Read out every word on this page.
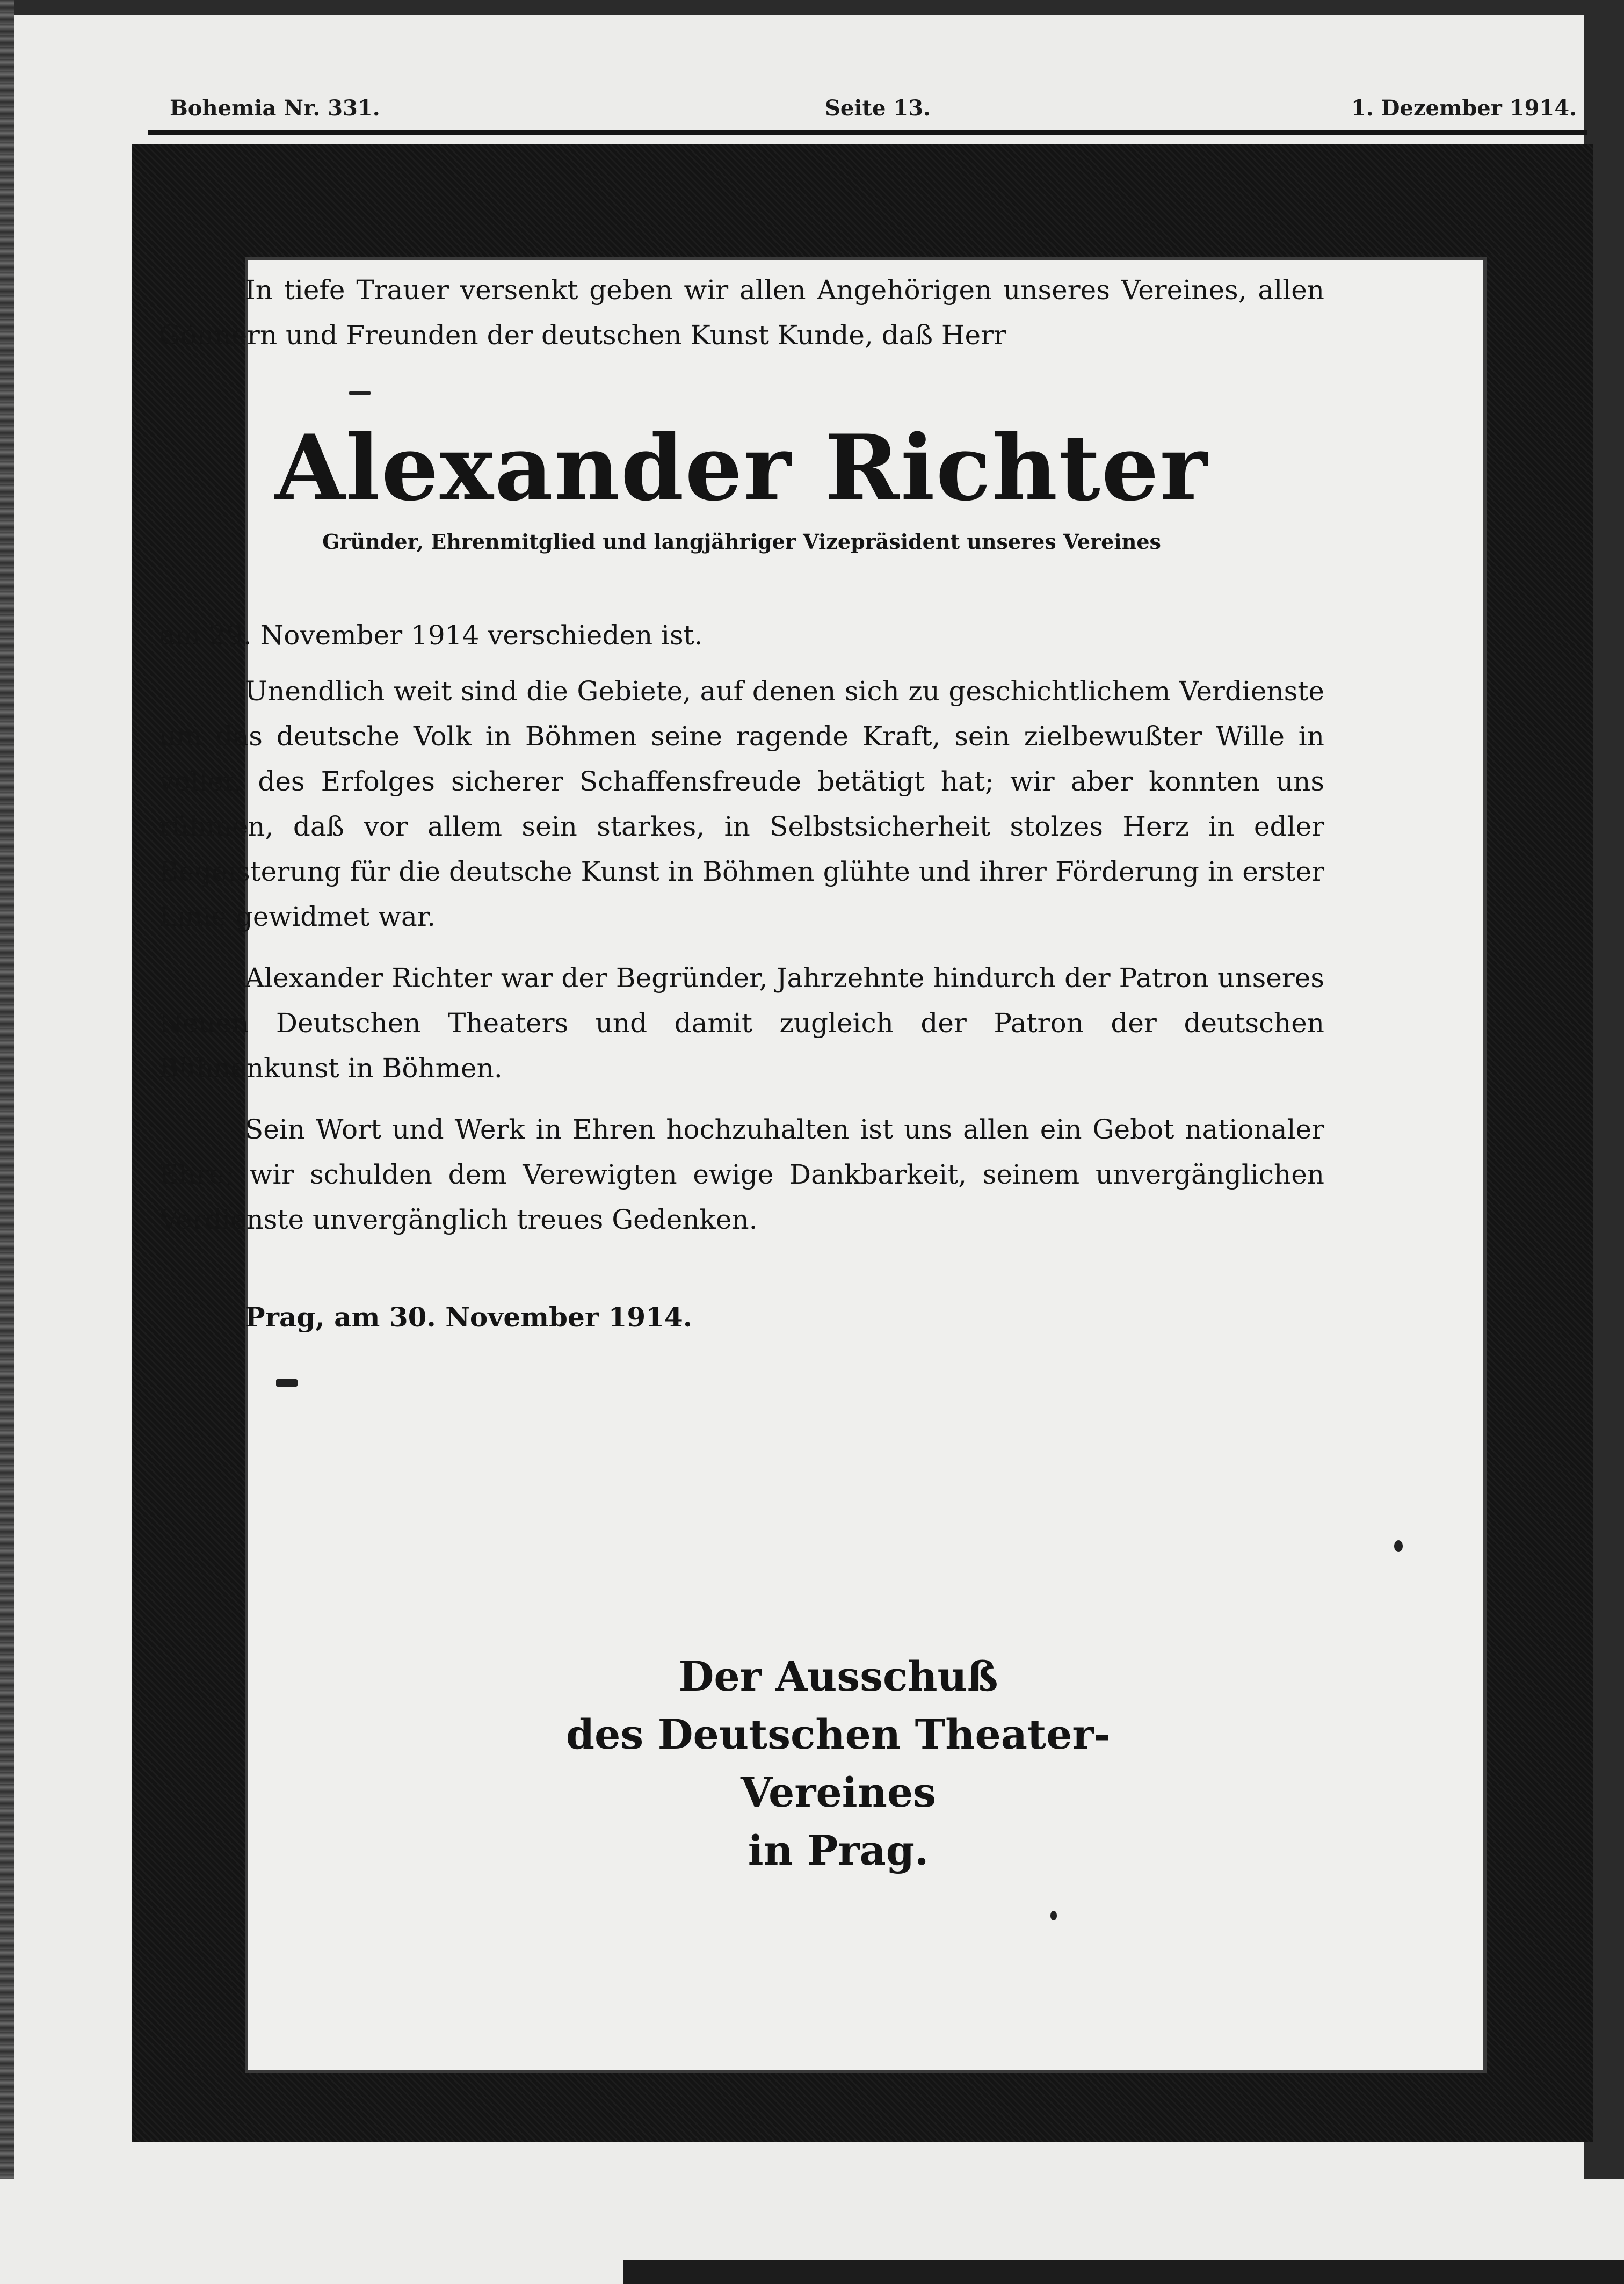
Bohemia Nr. 331.	Seite 13.	1. Dezember 1914.

In tiefe Trauer versenkt geben wir allen Angehörigen unseres Vereines, allen Gönnern und Freunden der deutschen Kunst Kunde, daß Herr

Alexander Richter
Gründer, Ehrenmitglied und langjähriger Vizepräsident unseres Vereines

am 29. November 1914 verschieden ist.

Unendlich weit sind die Gebiete, auf denen sich zu geschichtlichem Verdienste um das deutsche Volk in Böhmen seine ragende Kraft, sein zielbewußter Wille in voller, des Erfolges sicherer Schaffensfreude betätigt hat; wir aber konnten uns rühmen, daß vor allem sein starkes, in Selbstsicherheit stolzes Herz in edler Begeisterung für die deutsche Kunst in Böhmen glühte und ihrer Förderung in erster Linie gewidmet war.

Alexander Richter war der Begründer, Jahrzehnte hindurch der Patron unseres Neuen Deutschen Theaters und damit zugleich der Patron der deutschen Bühnenkunst in Böhmen.

Sein Wort und Werk in Ehren hochzuhalten ist uns allen ein Gebot nationaler Ehre; wir schulden dem Verewigten ewige Dankbarkeit, seinem unvergänglichen Verdienste unvergänglich treues Gedenken.

Prag, am 30. November 1914.
Der Ausschuß
des Deutschen Theater-Vereines
in Prag.
